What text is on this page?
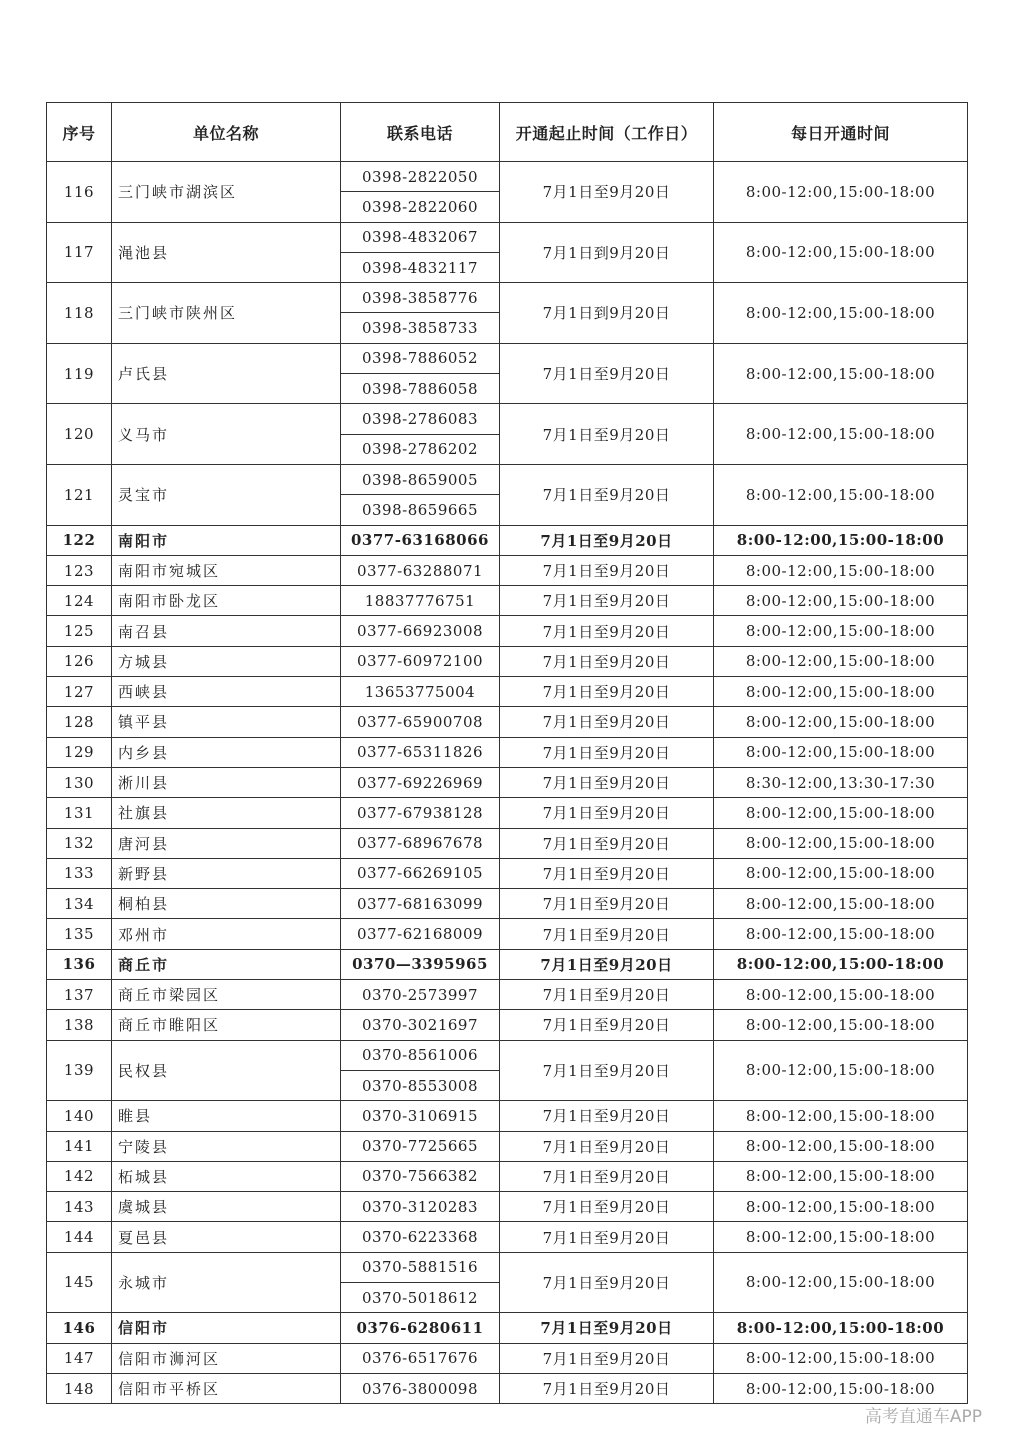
序号	单位名称	联系电话	开通起止时间（工作日）	每日开通时间
116	三门峡市湖滨区	0398-2822050	7月1日至9月20日	8:00-12:00,15:00-18:00
		0398-2822060		
117	渑池县	0398-4832067	7月1日到9月20日	8:00-12:00,15:00-18:00
		0398-4832117		
118	三门峡市陕州区	0398-3858776	7月1日到9月20日	8:00-12:00,15:00-18:00
		0398-3858733		
119	卢氏县	0398-7886052	7月1日至9月20日	8:00-12:00,15:00-18:00
		0398-7886058		
120	义马市	0398-2786083	7月1日至9月20日	8:00-12:00,15:00-18:00
		0398-2786202		
121	灵宝市	0398-8659005	7月1日至9月20日	8:00-12:00,15:00-18:00
		0398-8659665		
122	南阳市	0377-63168066	7月1日至9月20日	8:00-12:00,15:00-18:00
123	南阳市宛城区	0377-63288071	7月1日至9月20日	8:00-12:00,15:00-18:00
124	南阳市卧龙区	18837776751	7月1日至9月20日	8:00-12:00,15:00-18:00
125	南召县	0377-66923008	7月1日至9月20日	8:00-12:00,15:00-18:00
126	方城县	0377-60972100	7月1日至9月20日	8:00-12:00,15:00-18:00
127	西峡县	13653775004	7月1日至9月20日	8:00-12:00,15:00-18:00
128	镇平县	0377-65900708	7月1日至9月20日	8:00-12:00,15:00-18:00
129	内乡县	0377-65311826	7月1日至9月20日	8:00-12:00,15:00-18:00
130	淅川县	0377-69226969	7月1日至9月20日	8:30-12:00,13:30-17:30
131	社旗县	0377-67938128	7月1日至9月20日	8:00-12:00,15:00-18:00
132	唐河县	0377-68967678	7月1日至9月20日	8:00-12:00,15:00-18:00
133	新野县	0377-66269105	7月1日至9月20日	8:00-12:00,15:00-18:00
134	桐柏县	0377-68163099	7月1日至9月20日	8:00-12:00,15:00-18:00
135	邓州市	0377-62168009	7月1日至9月20日	8:00-12:00,15:00-18:00
136	商丘市	0370—3395965	7月1日至9月20日	8:00-12:00,15:00-18:00
137	商丘市梁园区	0370-2573997	7月1日至9月20日	8:00-12:00,15:00-18:00
138	商丘市睢阳区	0370-3021697	7月1日至9月20日	8:00-12:00,15:00-18:00
139	民权县	0370-8561006	7月1日至9月20日	8:00-12:00,15:00-18:00
		0370-8553008		
140	睢县	0370-3106915	7月1日至9月20日	8:00-12:00,15:00-18:00
141	宁陵县	0370-7725665	7月1日至9月20日	8:00-12:00,15:00-18:00
142	柘城县	0370-7566382	7月1日至9月20日	8:00-12:00,15:00-18:00
143	虞城县	0370-3120283	7月1日至9月20日	8:00-12:00,15:00-18:00
144	夏邑县	0370-6223368	7月1日至9月20日	8:00-12:00,15:00-18:00
145	永城市	0370-5881516	7月1日至9月20日	8:00-12:00,15:00-18:00
		0370-5018612		
146	信阳市	0376-6280611	7月1日至9月20日	8:00-12:00,15:00-18:00
147	信阳市浉河区	0376-6517676	7月1日至9月20日	8:00-12:00,15:00-18:00
148	信阳市平桥区	0376-3800098	7月1日至9月20日	8:00-12:00,15:00-18:00
高考直通车APP
